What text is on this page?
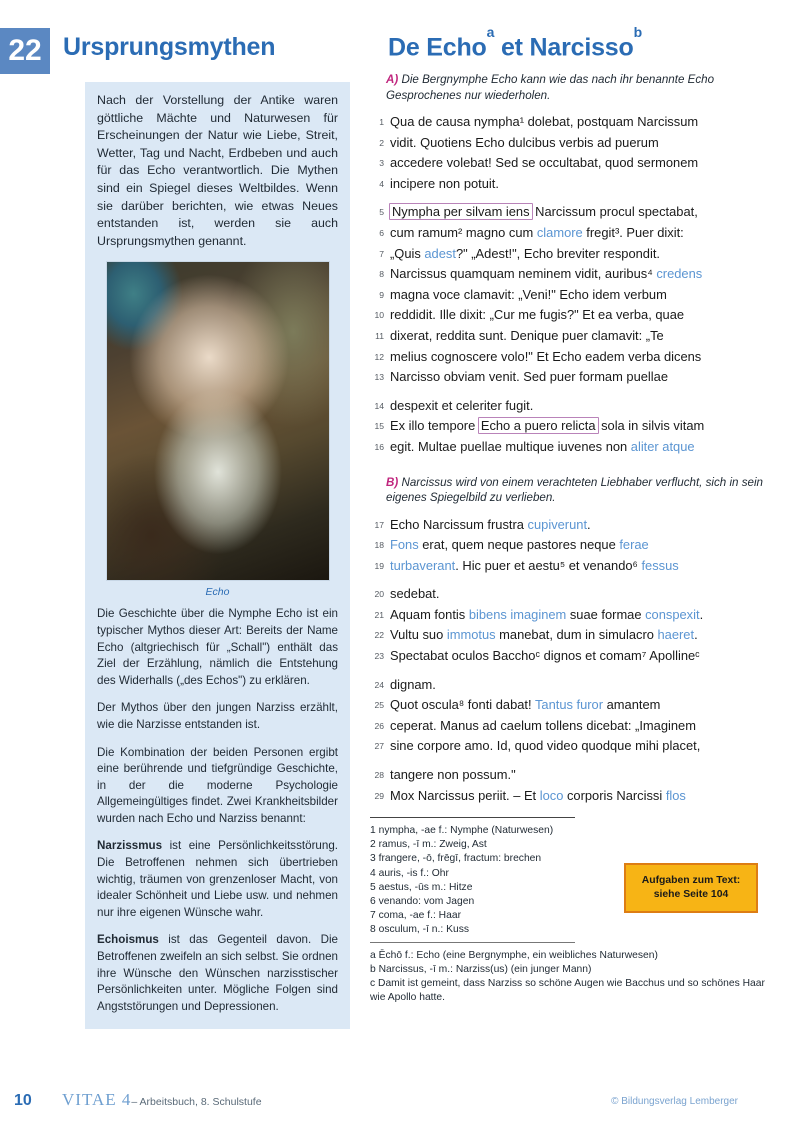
22 Ursprungsmythen	De Echo$^a$ et Narcisso$^b$

Nach der Vorstellung der Antike waren göttliche Mächte und Naturwesen für Erscheinungen der Natur wie Liebe, Streit, Wetter, Tag und Nacht, Erdbeben und auch für das Echo verantwortlich. Die Mythen sind ein Spiegel dieses Weltbildes. Wenn sie darüber berichten, wie etwas Neues entstanden ist, werden sie auch Ursprungsmythen genannt.

Echo

Die Geschichte über die Nymphe Echo ist ein typischer Mythos dieser Art: Bereits der Name Echo (altgriechisch für „Schall") enthält das Ziel der Erzählung, nämlich die Entstehung des Widerhalls („des Echos") zu erklären.

Der Mythos über den jungen Narziss erzählt, wie die Narzisse entstanden ist.

Die Kombination der beiden Personen ergibt eine berührende und tiefgründige Geschichte, in der die moderne Psychologie Allgemeingültiges findet. Zwei Krankheitsbilder wurden nach Echo und Narziss benannt:

Narzissmus ist eine Persönlichkeitsstörung. Die Betroffenen nehmen sich übertrieben wichtig, träumen von grenzenloser Macht, von idealer Schönheit und Liebe usw. und nehmen nur ihre eigenen Wünsche wahr.

Echoismus ist das Gegenteil davon. Die Betroffenen zweifeln an sich selbst. Sie ordnen ihre Wünsche den Wünschen narzisstischer Persönlichkeiten unter. Mögliche Folgen sind Angststörungen und Depressionen.

A) Die Bergnymphe Echo kann wie das nach ihr benannte Echo Gesprochenes nur wiederholen.

1 Qua de causa nympha¹ dolebat, postquam Narcissum
2 vidit. Quotiens Echo dulcibus verbis ad puerum
3 accedere volebat! Sed se occultabat, quod sermonem
4 incipere non potuit.
5 Nympha per silvam iens Narcissum procul spectabat,
6 cum ramum² magno cum clamore fregit³. Puer dixit:
7 „Quis adest?" „Adest!", Echo breviter respondit.
8 Narcissus quamquam neminem vidit, auribus⁴ credens
9 magna voce clamavit: „Veni!" Echo idem verbum
10 reddidit. Ille dixit: „Cur me fugis?" Et ea verba, quae
11 dixerat, reddita sunt. Denique puer clamavit: „Te
12 melius cognoscere volo!" Et Echo eadem verba dicens
13 Narcisso obviam venit. Sed puer formam puellae
14 despexit et celeriter fugit.
15 Ex illo tempore Echo a puero relicta sola in silvis vitam
16 egit. Multae puellae multique iuvenes non aliter atque

B) Narcissus wird von einem verachteten Liebhaber verflucht, sich in sein eigenes Spiegelbild zu verlieben.

17 Echo Narcissum frustra cupiverunt.
18 Fons erat, quem neque pastores neque ferae
19 turbaverant. Hic puer et aestu⁵ et venando⁶ fessus
20 sedebat.
21 Aquam fontis bibens imaginem suae formae conspexit.
22 Vultu suo immotus manebat, dum in simulacro haeret.
23 Spectabat oculos Bacchoᶜ dignos et comam⁷ Apollineᶜ
24 dignam.
25 Quot oscula⁸ fonti dabat! Tantus furor amantem
26 ceperat. Manus ad caelum tollens dicebat: „Imaginem
27 sine corpore amo. Id, quod video quodque mihi placet,
28 tangere non possum."
29 Mox Narcissus periit. – Et loco corporis Narcissi flos
1 nympha, -ae f.: Nymphe (Naturwesen)
2 ramus, -ī m.: Zweig, Ast
3 frangere, -ō, frēgī, fractum: brechen
4 auris, -is f.: Ohr
5 aestus, -ūs m.: Hitze
6 venando: vom Jagen
7 coma, -ae f.: Haar
8 osculum, -ī n.: Kuss
a Ēchō f.: Echo (eine Bergnymphe, ein weibliches Naturwesen)
b Narcissus, -ī m.: Narziss(us) (ein junger Mann)
c Damit ist gemeint, dass Narziss so schöne Augen wie Bacchus und so schönes Haar wie Apollo hatte.
Aufgaben zum Text:
siehe Seite 104
10 VITAE 4– Arbeitsbuch, 8. Schulstufe	© Bildungsverlag Lemberger
